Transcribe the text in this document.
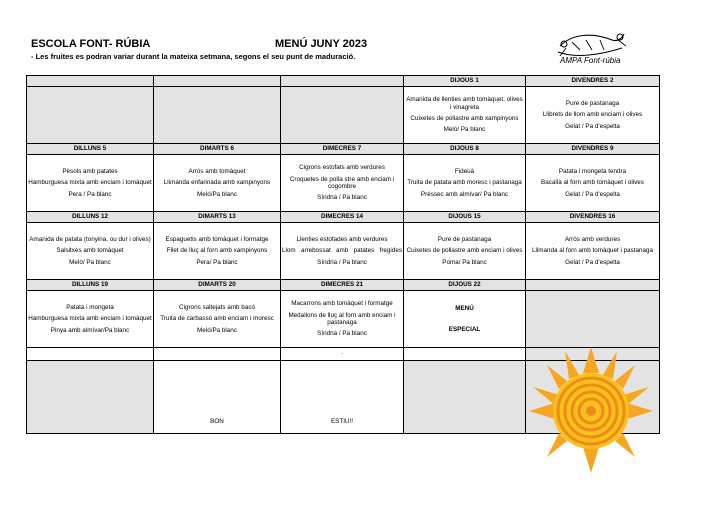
ESCOLA FONT- RÚBIA	MENÚ JUNY 2023
- Les fruites es podran variar durant la mateixa setmana, segons el seu punt de maduració.	AMPA Font-rúbia
			DIJOUS 1	DIVENDRES 2

			Amanida de llenties amb tomàquet, olives i vinagreta
Cuixetes de pollastre amb xampinyons
Meló/ Pa blanc	Puré de pastanaga
Llibrets de llom amb enciam i olives
Gelat / Pa d'espelta

DILLUNS 5	DIMARTS 6	DIMECRES 7	DIJOUS 8	DIVENDRES 9

Pèsols amb patates
Hamburguesa mixta amb enciam i tomàquet
Pera / Pa blanc	Arròs amb tomàquet
Llimanda enfarinada amb xampinyons
Meló/Pa blanc	Cigrons estofats amb verdures
Croquetes de polla stre amb enciam i cogombre
Síndria / Pa blanc	Fideuà
Truita de patata amb moresc i pastanaga
Préssec amb almívar/ Pa blanc	Patata i mongeta tendra
Bacallà al forn amb tomàquet i olives
Gelat / Pa d'espelta

DILLUNS 12	DIMARTS 13	DIMECRES 14	DIJOUS 15	DIVENDRES 16

Amanida de patata (tonyina, ou dur i olives)
Salsitxes amb tomàquet
Meló/ Pa blanc	Espaguetis amb tomàquet i formatge
Filet de lluç al forn amb xampinyons
Pera/ Pa blanc	Llenties estofades amb verdures
Llom arrebossat amb patates fregides
Síndria / Pa blanc	Puré de pastanaga
Cuixetes de pollastre amb enciam i olives
Poma/ Pa blanc	Arròs amb verdures
Llimanda al forn amb tomàquet i pastanaga
Gelat / Pa d'espelta

DILLUNS 19	DIMARTS 20	DIMECRES 21	DIJOUS 22	

Patata i mongeta
Hamburguesa mixta amb enciam i tomàquet
Pinya amb almívar/Pa blanc	Cigrons saltejats amb bacó
Truita de carbassó amb enciam i moresc
Meló/Pa blanc	Macarrons amb tomàquet i formatge
Medallons de lluç al forn amb enciam i pastanaga
Síndria / Pa blanc	MENÚ
ESPECIAL	

		·		
	BON	ESTIU!!		
